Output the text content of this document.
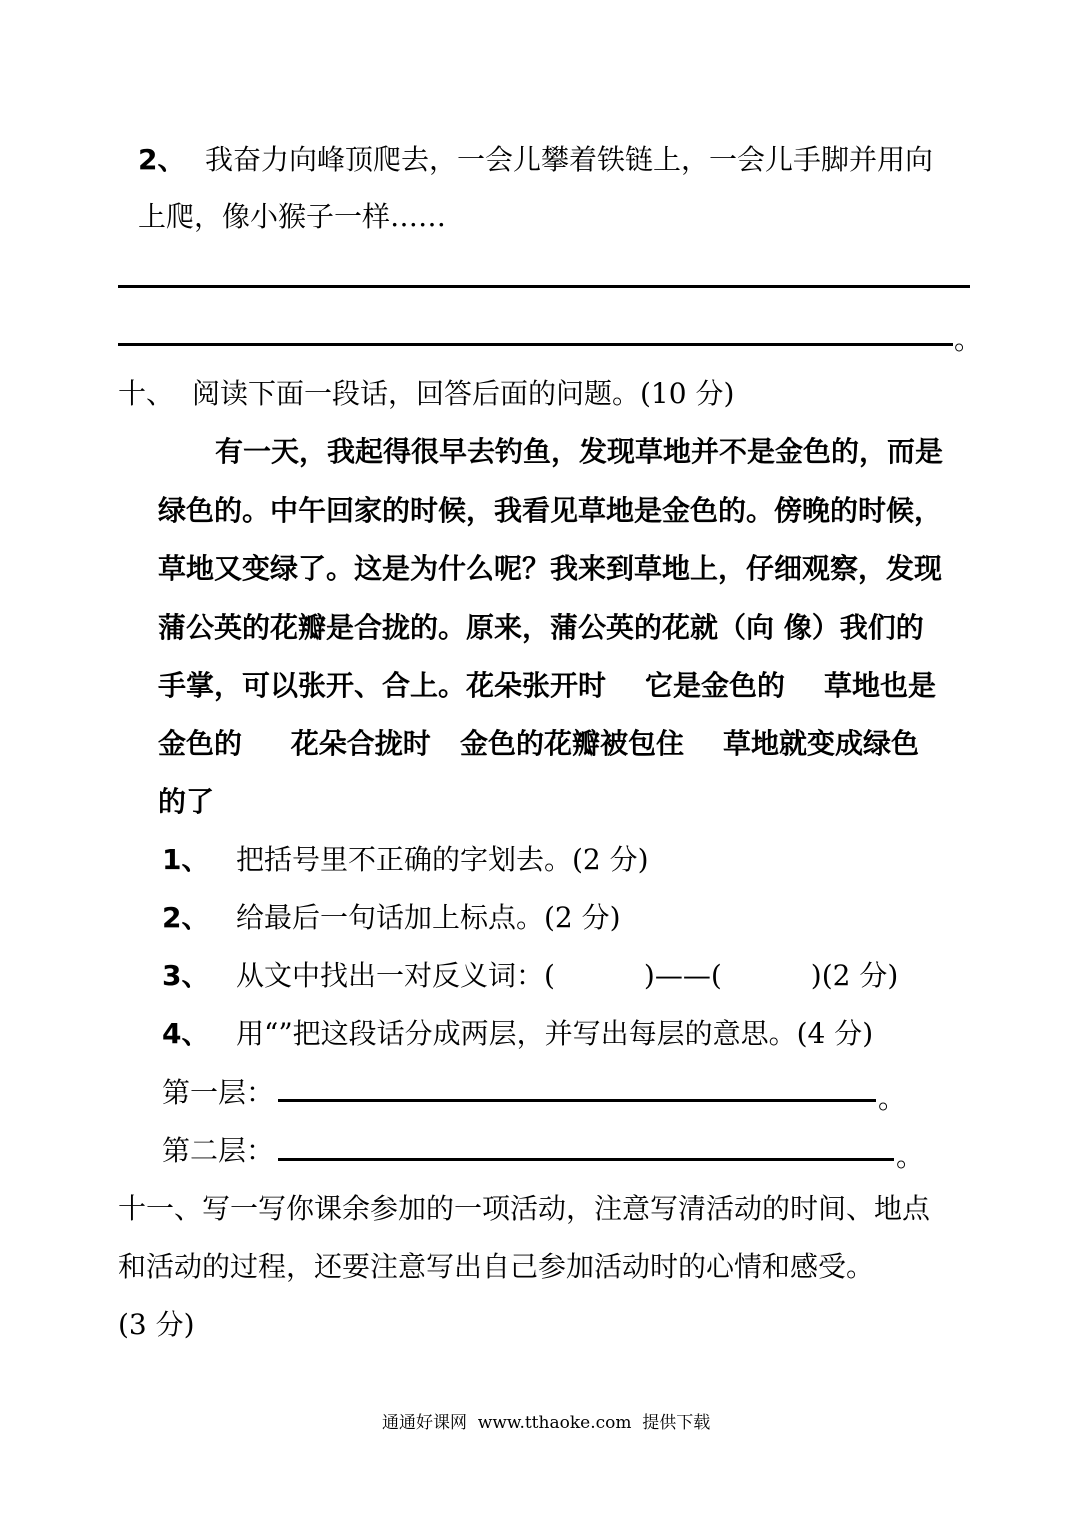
2、 我奋力向峰顶爬去，一会儿攀着铁链上，一会儿手脚并用向
上爬，像小猴子一样……
。
十、 阅读下面一段话，回答后面的问题。(10 分)
有一天，我起得很早去钓鱼，发现草地并不是金色的，而是
绿色的。中午回家的时候，我看见草地是金色的。傍晚的时候，
草地又变绿了。这是为什么呢？我来到草地上，仔细观察，发现
蒲公英的花瓣是合拢的。原来，蒲公英的花就（向 像）我们的
手掌，可以张开、合上。花朵张开时    它是金色的    草地也是
金色的     花朵合拢时   金色的花瓣被包住    草地就变成绿色
的了
1、 把括号里不正确的字划去。(2 分)
2、 给最后一句话加上标点。(2 分)
3、 从文中找出一对反义词：(          )——(          )(2 分)
4、 用“”把这段话分成两层，并写出每层的意思。(4 分)
第一层：	。
第二层：	。
十一、写一写你课余参加的一项活动，注意写清活动的时间、地点
和活动的过程，还要注意写出自己参加活动时的心情和感受。
(3 分)
通通好课网  www.tthaoke.com  提供下载
